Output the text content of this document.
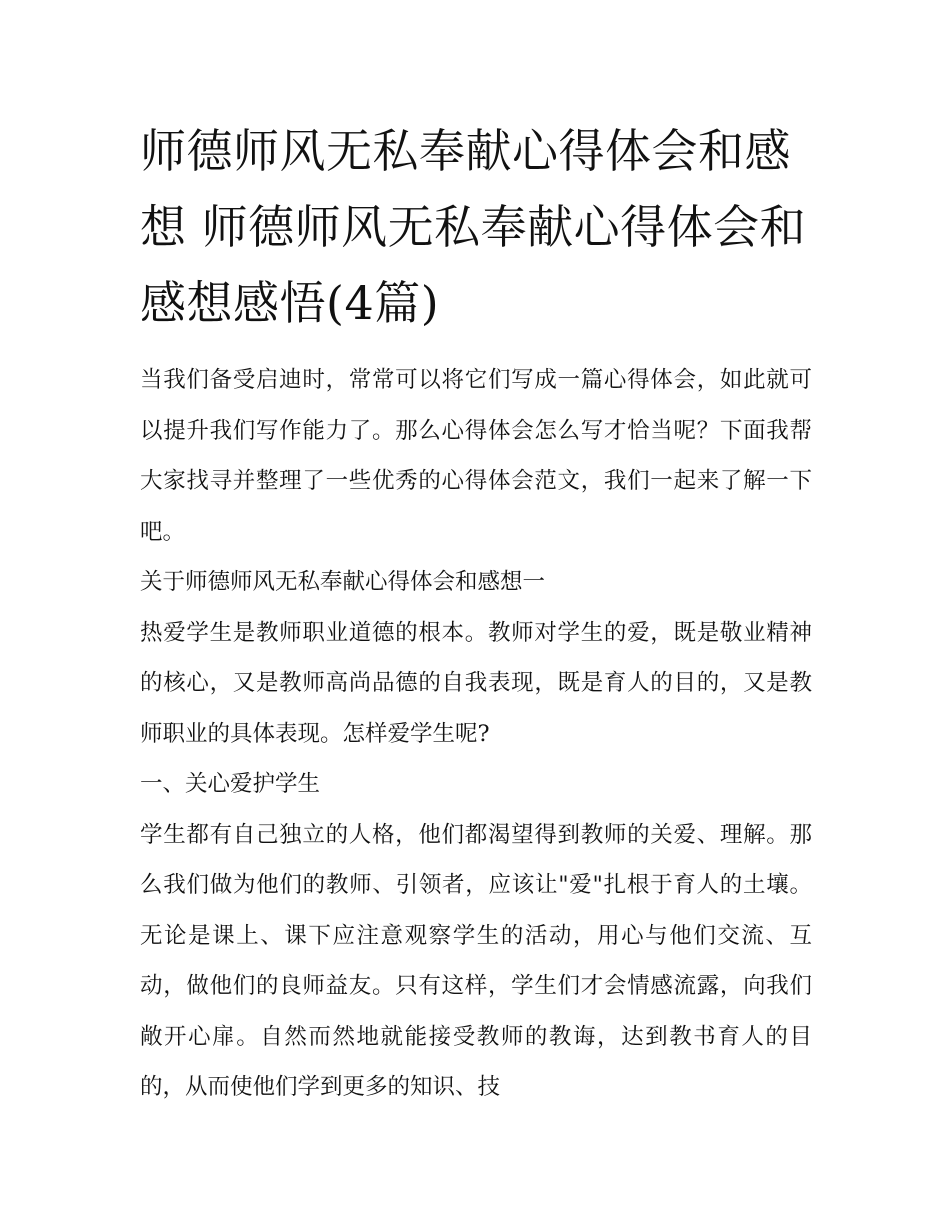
师德师风无私奉献心得体会和感想 师德师风无私奉献心得体会和感想感悟(4篇)

当我们备受启迪时，常常可以将它们写成一篇心得体会，如此就可以提升我们写作能力了。那么心得体会怎么写才恰当呢？下面我帮大家找寻并整理了一些优秀的心得体会范文，我们一起来了解一下吧。

关于师德师风无私奉献心得体会和感想一

热爱学生是教师职业道德的根本。教师对学生的爱，既是敬业精神的核心，又是教师高尚品德的自我表现，既是育人的目的，又是教师职业的具体表现。怎样爱学生呢?

一、关心爱护学生

学生都有自己独立的人格，他们都渴望得到教师的关爱、理解。那么我们做为他们的教师、引领者，应该让"爱"扎根于育人的土壤。无论是课上、课下应注意观察学生的活动，用心与他们交流、互动，做他们的良师益友。只有这样，学生们才会情感流露，向我们敞开心扉。自然而然地就能接受教师的教诲，达到教书育人的目的，从而使他们学到更多的知识、技
